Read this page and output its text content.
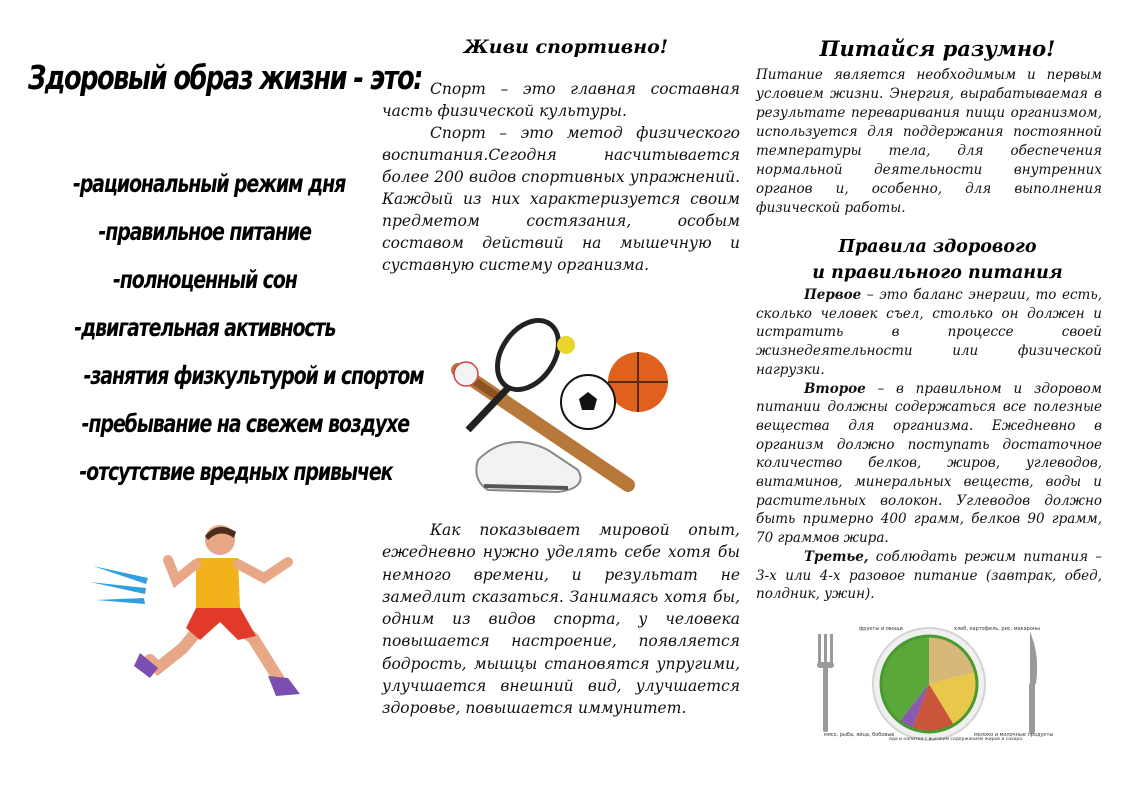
Здоровый образ жизни - это:
-рациональный режим дня
-правильное питание
-полноценный сон
-двигательная активность
-занятия физкультурой и спортом
-пребывание на свежем воздухе
-отсутствие вредных привычек
Живи спортивно!

Спорт – это главная составная часть физической культуры.

Спорт – это метод физического воспитания.Сегодня насчитывается более 200 видов спортивных упражнений. Каждый из них характеризуется своим предметом состязания, особым составом действий на мышечную и суставную систему организма.

Как показывает мировой опыт, ежедневно нужно уделять себе хотя бы немного времени, и результат не замедлит сказаться. Занимаясь хотя бы, одним из видов спорта, у человека повышается настроение, появляется бодрость, мышцы становятся упругими, улучшается внешний вид, улучшается здоровье, повышается иммунитет.

Питайся разумно!
Питание является необходимым и первым условием жизни. Энергия, вырабатываемая в результате переваривания пищи организмом, используется для поддержания постоянной температуры тела, для обеспечения нормальной деятельности внутренних органов и, особенно, для выполнения физической работы.
Правила здорового
и правильного питания

Первое – это баланс энергии, то есть, сколько человек съел, столько он должен и истратить в процессе своей жизнедеятельности или физической нагрузки.

Второе – в правильном и здоровом питании должны содержаться все полезные вещества для организма. Ежедневно в организм должно поступать достаточное количество белков, жиров, углеводов, витаминов, минеральных веществ, воды и растительных волокон. Углеводов должно быть примерно 400 грамм, белков 90 грамм, 70 граммов жира.

Третье, соблюдать режим питания – 3-х или 4-х разовое питание (завтрак, обед, полдник, ужин).

фрукты и овощи	хлеб, картофель, рис, макароны
мясо, рыба, яйца, бобовые
еда и напитки с высоким содержанием жиров и сахара
молоко и молочные продукты
